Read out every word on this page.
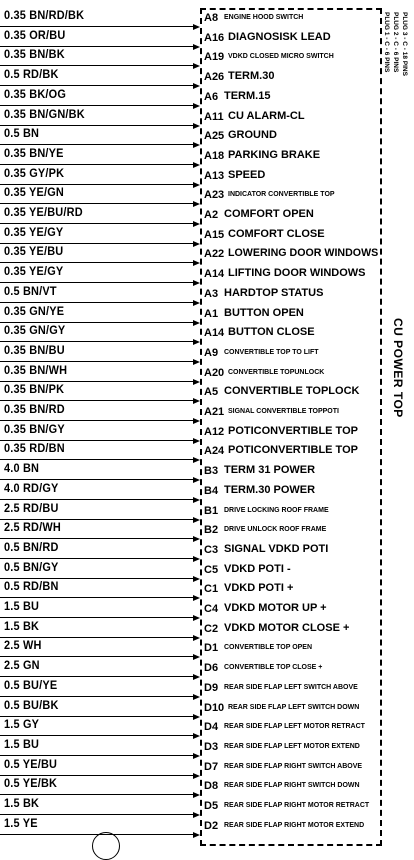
CU POWER TOP
PLUG 1 - C - 6 PINS PLUG 2 - C - 6 PINS PLUG 3 - C - 18 PINS
0.35 BN/RD/BK	A8 ENGINE HOOD SWITCH
0.35 OR/BU	A16 DIAGNOSISK LEAD
0.35 BN/BK	A19 VDKD CLOSED MICRO SWITCH
0.5 RD/BK	A26 TERM.30
0.35 BK/OG	A6 TERM.15
0.35 BN/GN/BK	A11 CU ALARM-CL
0.5 BN	A25 GROUND
0.35 BN/YE	A18 PARKING BRAKE
0.35 GY/PK	A13 SPEED
0.35 YE/GN	A23 INDICATOR CONVERTIBLE TOP
0.35 YE/BU/RD	A2 COMFORT OPEN
0.35 YE/GY	A15 COMFORT CLOSE
0.35 YE/BU	A22 LOWERING DOOR WINDOWS
0.35 YE/GY	A14 LIFTING DOOR WINDOWS
0.5 BN/VT	A3 HARDTOP STATUS
0.35 GN/YE	A1 BUTTON OPEN
0.35 GN/GY	A14 BUTTON CLOSE
0.35 BN/BU	A9 CONVERTIBLE TOP TO LIFT
0.35 BN/WH	A20 CONVERTIBLE TOPUNLOCK
0.35 BN/PK	A5 CONVERTIBLE TOPLOCK
0.35 BN/RD	A21 SIGNAL CONVERTIBLE TOPPOTI
0.35 BN/GY	A12 POTICONVERTIBLE TOP
0.35 RD/BN	A24 POTICONVERTIBLE TOP
4.0 BN	B3 TERM 31 POWER
4.0 RD/GY	B4 TERM.30 POWER
2.5 RD/BU	B1 DRIVE LOCKING ROOF FRAME
2.5 RD/WH	B2 DRIVE UNLOCK ROOF FRAME
0.5 BN/RD	C3 SIGNAL VDKD POTI
0.5 BN/GY	C5 VDKD POTI -
0.5 RD/BN	C1 VDKD POTI +
1.5 BU	C4 VDKD MOTOR UP +
1.5 BK	C2 VDKD MOTOR CLOSE +
2.5 WH	D1 CONVERTIBLE TOP OPEN
2.5 GN	D6 CONVERTIBLE TOP CLOSE +
0.5 BU/YE	D9 REAR SIDE FLAP LEFT SWITCH ABOVE
0.5 BU/BK	D10 REAR SIDE FLAP LEFT SWITCH DOWN
1.5 GY	D4 REAR SIDE FLAP LEFT MOTOR RETRACT
1.5 BU	D3 REAR SIDE FLAP LEFT MOTOR EXTEND
0.5 YE/BU	D7 REAR SIDE FLAP RIGHT SWITCH ABOVE
0.5 YE/BK	D8 REAR SIDE FLAP RIGHT SWITCH DOWN
1.5 BK	D5 REAR SIDE FLAP RIGHT MOTOR RETRACT
1.5 YE	D2 REAR SIDE FLAP RIGHT MOTOR EXTEND
